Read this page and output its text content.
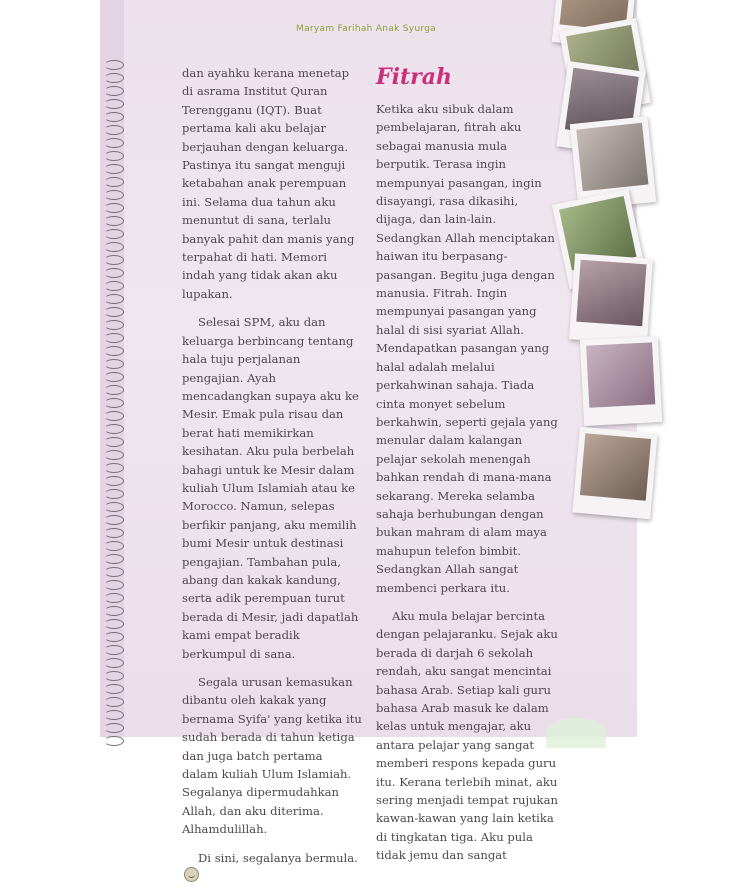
Maryam Farihah Anak Syurga

dan ayahku kerana menetap di asrama Institut Quran Terengganu (IQT). Buat pertama kali aku belajar berjauhan dengan keluarga. Pastinya itu sangat menguji ketabahan anak perempuan ini. Selama dua tahun aku menuntut di sana, terlalu banyak pahit dan manis yang terpahat di hati. Memori indah yang tidak akan aku lupakan.

Selesai SPM, aku dan keluarga berbincang tentang hala tuju perjalanan pengajian. Ayah mencadangkan supaya aku ke Mesir. Emak pula risau dan berat hati memikirkan kesihatan. Aku pula berbelah bahagi untuk ke Mesir dalam kuliah Ulum Islamiah atau ke Morocco. Namun, selepas berfikir panjang, aku memilih bumi Mesir untuk destinasi pengajian. Tambahan pula, abang dan kakak kandung, serta adik perempuan turut berada di Mesir, jadi dapatlah kami empat beradik berkumpul di sana.

Segala urusan kemasukan dibantu oleh kakak yang bernama Syifa' yang ketika itu sudah berada di tahun ketiga dan juga batch pertama dalam kuliah Ulum Islamiah. Segalanya dipermudahkan Allah, dan aku diterima. Alhamdulillah.

Di sini, segalanya bermula.

Fitrah

Ketika aku sibuk dalam pembelajaran, fitrah aku sebagai manusia mula berputik. Terasa ingin mempunyai pasangan, ingin disayangi, rasa dikasihi, dijaga, dan lain-lain. Sedangkan Allah menciptakan haiwan itu berpasang-pasangan. Begitu juga dengan manusia. Fitrah. Ingin mempunyai pasangan yang halal di sisi syariat Allah. Mendapatkan pasangan yang halal adalah melalui perkahwinan sahaja. Tiada cinta monyet sebelum berkahwin, seperti gejala yang menular dalam kalangan pelajar sekolah menengah bahkan rendah di mana-mana sekarang. Mereka selamba sahaja berhubungan dengan bukan mahram di alam maya mahupun telefon bimbit. Sedangkan Allah sangat membenci perkara itu.

Aku mula belajar bercinta dengan pelajaranku. Sejak aku berada di darjah 6 sekolah rendah, aku sangat mencintai bahasa Arab. Setiap kali guru bahasa Arab masuk ke dalam kelas untuk mengajar, aku antara pelajar yang sangat memberi respons kepada guru itu. Kerana terlebih minat, aku sering menjadi tempat rujukan kawan-kawan yang lain ketika di tingkatan tiga. Aku pula tidak jemu dan sangat
